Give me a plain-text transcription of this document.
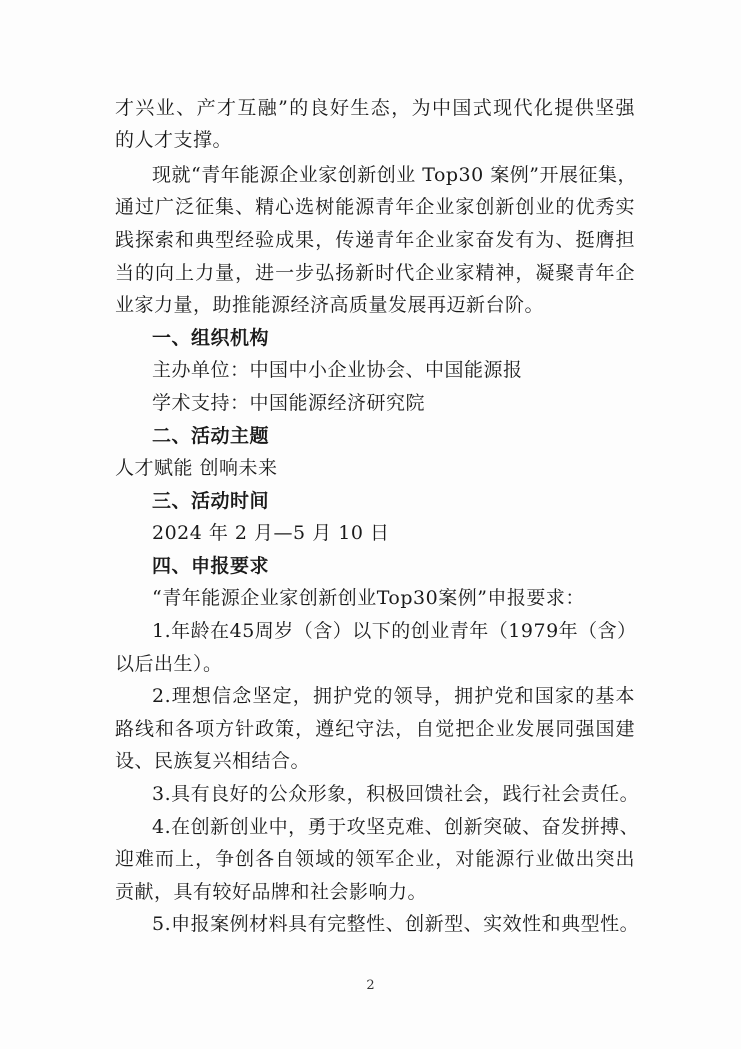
才兴业、产才互融”的良好生态，为中国式现代化提供坚强
的人才支撑。
现就“青年能源企业家创新创业 Top30 案例”开展征集，
通过广泛征集、精心选树能源青年企业家创新创业的优秀实
践探索和典型经验成果，传递青年企业家奋发有为、挺膺担
当的向上力量，进一步弘扬新时代企业家精神，凝聚青年企
业家力量，助推能源经济高质量发展再迈新台阶。
一、组织机构
主办单位：中国中小企业协会、中国能源报
学术支持：中国能源经济研究院
二、活动主题
人才赋能 创响未来
三、活动时间
2024 年 2 月—5 月 10 日
四、申报要求
“青年能源企业家创新创业Top30案例”申报要求：
1.年龄在45周岁（含）以下的创业青年（1979年（含）
以后出生）。
2.理想信念坚定，拥护党的领导，拥护党和国家的基本
路线和各项方针政策，遵纪守法，自觉把企业发展同强国建
设、民族复兴相结合。
3.具有良好的公众形象，积极回馈社会，践行社会责任。
4.在创新创业中，勇于攻坚克难、创新突破、奋发拼搏、
迎难而上，争创各自领域的领军企业，对能源行业做出突出
贡献，具有较好品牌和社会影响力。
5.申报案例材料具有完整性、创新型、实效性和典型性。
2
